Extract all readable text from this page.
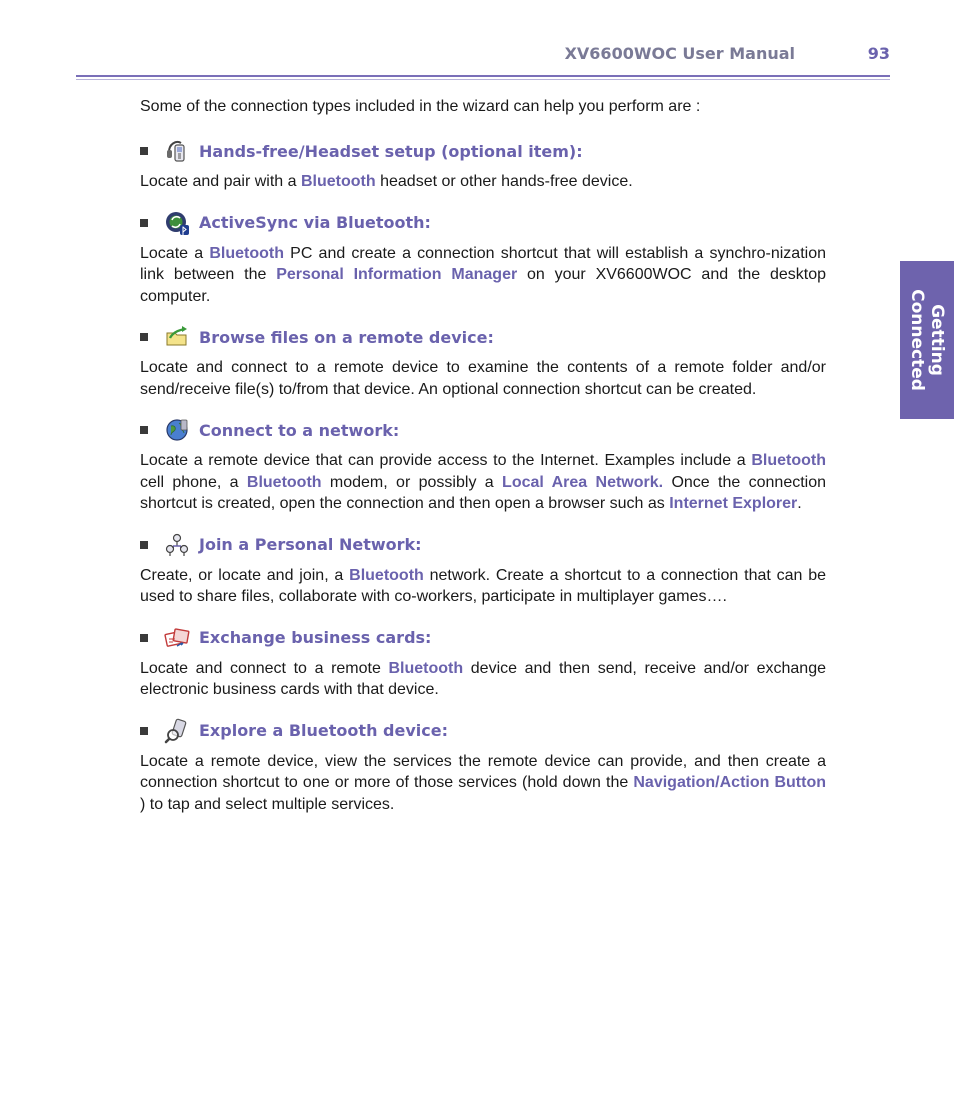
XV6600WOC User Manual	93
Getting
Connected

Some of the connection types included in the wizard can help you perform are :

Hands-free/Headset setup (optional item):

Locate and pair with a Bluetooth headset or other hands-free device.

ActiveSync via Bluetooth:

Locate a Bluetooth PC and create a connection shortcut that will establish a synchro-nization link between the Personal Information Manager on your XV6600WOC and the desktop computer.

Browse files on a remote device:

Locate and connect to a remote device to examine the contents of a remote folder and/or send/receive file(s) to/from that device. An optional connection shortcut can be created.

Connect to a network:

Locate a remote device that can provide access to the Internet. Examples include a Bluetooth cell phone, a Bluetooth modem, or possibly a Local Area Network. Once the connection shortcut is created, open the connection and then open a browser such as Internet Explorer.

Join a Personal Network:

Create, or locate and join, a Bluetooth network. Create a shortcut to a connection that can be used to share files, collaborate with co-workers, participate in multiplayer games….

Exchange business cards:

Locate and connect to a remote Bluetooth device and then send, receive and/or exchange electronic business cards with that device.

Explore a Bluetooth device:

Locate a remote device, view the services the remote device can provide, and then create a connection shortcut to one or more of those services (hold down the Navigation/Action Button ) to tap and select multiple services.
